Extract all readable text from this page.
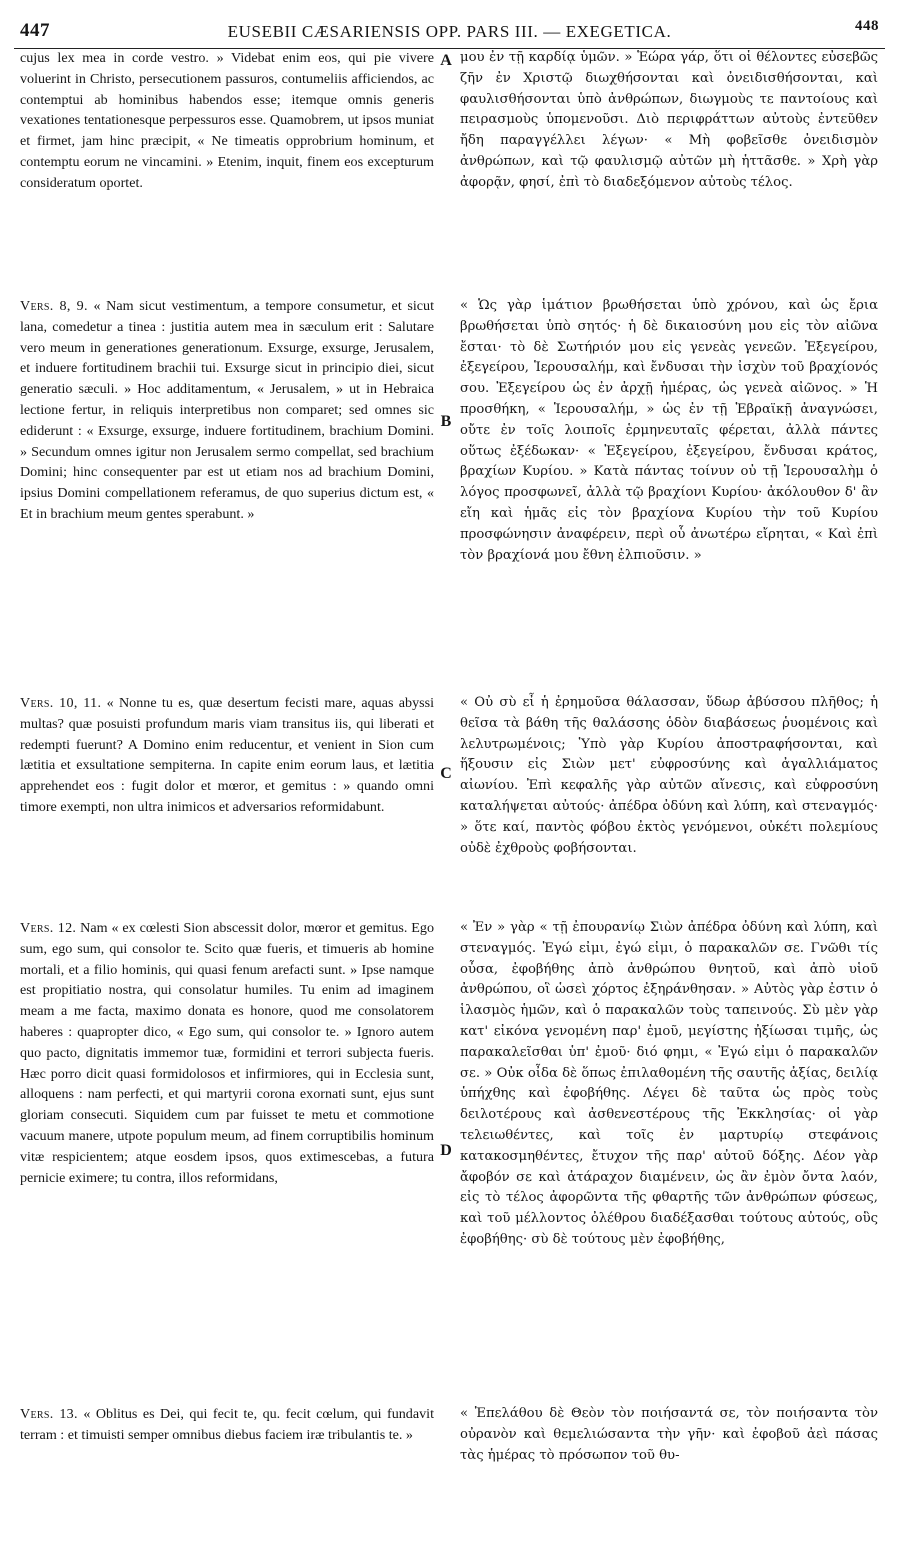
447	EUSEBII CÆSARIENSIS OPP. PARS III. — EXEGETICA.	448
A
B
C
D

cujus lex mea in corde vestro. » Videbat enim eos, qui pie vivere voluerint in Christo, persecutionem passuros, contumeliis afficiendos, ac contemptui ab hominibus habendos esse; itemque omnis generis vexationes tentationesque perpessuros esse. Quamobrem, ut ipsos muniat et firmet, jam hinc præcipit, « Ne timeatis opprobrium hominum, et contemptu eorum ne vincamini. » Etenim, inquit, finem eos excepturum consideratum oportet.

Vers. 8, 9. « Nam sicut vestimentum, a tempore consumetur, et sicut lana, comedetur a tinea : justitia autem mea in sæculum erit : Salutare vero meum in generationes generationum. Exsurge, exsurge, Jerusalem, et induere fortitudinem brachii tui. Exsurge sicut in principio diei, sicut generatio sæculi. » Hoc additamentum, « Jerusalem, » ut in Hebraica lectione fertur, in reliquis interpretibus non comparet; sed omnes sic ediderunt : « Exsurge, exsurge, induere fortitudinem, brachium Domini. » Secundum omnes igitur non Jerusalem sermo compellat, sed brachium Domini; hinc consequenter par est ut etiam nos ad brachium Domini, ipsius Domini compellationem referamus, de quo superius dictum est, « Et in brachium meum gentes sperabunt. »

Vers. 10, 11. « Nonne tu es, quæ desertum fecisti mare, aquas abyssi multas? quæ posuisti profundum maris viam transitus iis, qui liberati et redempti fuerunt? A Domino enim reducentur, et venient in Sion cum lætitia et exsultatione sempiterna. In capite enim eorum laus, et lætitia apprehendet eos : fugit dolor et mœror, et gemitus : » quando omni timore exempti, non ultra inimicos et adversarios reformidabunt.

Vers. 12. Nam « ex cœlesti Sion abscessit dolor, mœror et gemitus. Ego sum, ego sum, qui consolor te. Scito quæ fueris, et timueris ab homine mortali, et a filio hominis, qui quasi fenum arefacti sunt. » Ipse namque est propitiatio nostra, qui consolatur humiles. Tu enim ad imaginem meam a me facta, maximo donata es honore, quod me consolatorem haberes : quapropter dico, « Ego sum, qui consolor te. » Ignoro autem quo pacto, dignitatis immemor tuæ, formidini et terrori subjecta fueris. Hæc porro dicit quasi formidolosos et infirmiores, qui in Ecclesia sunt, alloquens : nam perfecti, et qui martyrii corona exornati sunt, ejus sunt gloriam consecuti. Siquidem cum par fuisset te metu et commotione vacuum manere, utpote populum meum, ad finem corruptibilis hominum vitæ respicientem; atque eosdem ipsos, quos extimescebas, a futura pernicie eximere; tu contra, illos reformidans,

Vers. 13. « Oblitus es Dei, qui fecit te, qu. fecit cœlum, qui fundavit terram : et timuisti semper omnibus diebus faciem iræ tribulantis te. »

μου ἐν τῇ καρδίᾳ ὑμῶν. » Ἑώρα γάρ, ὅτι οἱ θέλοντες εὐσεβῶς ζῆν ἐν Χριστῷ διωχθήσονται καὶ ὀνειδισθήσονται, καὶ φαυλισθήσονται ὑπὸ ἀνθρώπων, διωγμοὺς τε παντοίους καὶ πειρασμοὺς ὑπομενοῦσι. Διὸ περιφράττων αὐτοὺς ἐντεῦθεν ἤδη παραγγέλλει λέγων· « Μὴ φοβεῖσθε ὀνειδισμὸν ἀνθρώπων, καὶ τῷ φαυλισμῷ αὐτῶν μὴ ἡττᾶσθε. » Χρὴ γὰρ ἀφορᾷν, φησί, ἐπὶ τὸ διαδεξόμενον αὐτοὺς τέλος.

« Ὡς γὰρ ἱμάτιον βρωθήσεται ὑπὸ χρόνου, καὶ ὡς ἔρια βρωθήσεται ὑπὸ σητός· ἡ δὲ δικαιοσύνη μου εἰς τὸν αἰῶνα ἔσται· τὸ δὲ Σωτήριόν μου εἰς γενεὰς γενεῶν. Ἐξεγείρου, ἐξεγείρου, Ἱερουσαλήμ, καὶ ἔνδυσαι τὴν ἰσχὺν τοῦ βραχίονός σου. Ἐξεγείρου ὡς ἐν ἀρχῇ ἡμέρας, ὡς γενεὰ αἰῶνος. » Ἡ προσθήκη, « Ἱερουσαλήμ, » ὡς ἐν τῇ Ἑβραϊκῇ ἀναγνώσει, οὔτε ἐν τοῖς λοιποῖς ἑρμηνευταῖς φέρεται, ἀλλὰ πάντες οὕτως ἐξέδωκαν· « Ἐξεγείρου, ἐξεγείρου, ἔνδυσαι κράτος, βραχίων Κυρίου. » Κατὰ πάντας τοίνυν οὐ τῇ Ἱερουσαλὴμ ὁ λόγος προσφωνεῖ, ἀλλὰ τῷ βραχίονι Κυρίου· ἀκόλουθον δ' ἂν εἴη καὶ ἡμᾶς εἰς τὸν βραχίονα Κυρίου τὴν τοῦ Κυρίου προσφώνησιν ἀναφέρειν, περὶ οὗ ἀνωτέρω εἴρηται, « Καὶ ἐπὶ τὸν βραχίονά μου ἔθνη ἐλπιοῦσιν. »

« Οὐ σὺ εἶ ἡ ἐρημοῦσα θάλασσαν, ὕδωρ ἀβύσσου πλῆθος; ἡ θεῖσα τὰ βάθη τῆς θαλάσσης ὁδὸν διαβάσεως ῥυομένοις καὶ λελυτρωμένοις; Ὑπὸ γὰρ Κυρίου ἀποστραφήσονται, καὶ ἥξουσιν εἰς Σιὼν μετ' εὐφροσύνης καὶ ἀγαλλιάματος αἰωνίου. Ἐπὶ κεφαλῆς γὰρ αὐτῶν αἴνεσις, καὶ εὐφροσύνη καταλήψεται αὐτούς· ἀπέδρα ὀδύνη καὶ λύπη, καὶ στεναγμός· » ὅτε καί, παντὸς φόβου ἐκτὸς γενόμενοι, οὐκέτι πολεμίους οὐδὲ ἐχθροὺς φοβήσονται.

« Ἐν » γὰρ « τῇ ἐπουρανίῳ Σιὼν ἀπέδρα ὀδύνη καὶ λύπη, καὶ στεναγμός. Ἐγώ εἰμι, ἐγώ εἰμι, ὁ παρακαλῶν σε. Γνῶθι τίς οὖσα, ἐφοβήθης ἀπὸ ἀνθρώπου θνητοῦ, καὶ ἀπὸ υἱοῦ ἀνθρώπου, οἳ ὡσεὶ χόρτος ἐξηράνθησαν. » Αὐτὸς γὰρ ἐστιν ὁ ἱλασμὸς ἡμῶν, καὶ ὁ παρακαλῶν τοὺς ταπεινούς. Σὺ μὲν γὰρ κατ' εἰκόνα γενομένη παρ' ἐμοῦ, μεγίστης ἠξίωσαι τιμῆς, ὡς παρακαλεῖσθαι ὑπ' ἐμοῦ· διό φημι, « Ἐγώ εἰμι ὁ παρακαλῶν σε. » Οὐκ οἶδα δὲ ὅπως ἐπιλαθομένη τῆς σαυτῆς ἀξίας, δειλίᾳ ὑπήχθης καὶ ἐφοβήθης. Λέγει δὲ ταῦτα ὡς πρὸς τοὺς δειλοτέρους καὶ ἀσθενεστέρους τῆς Ἐκκλησίας· οἱ γὰρ τελειωθέντες, καὶ τοῖς ἐν μαρτυρίῳ στεφάνοις κατακοσμηθέντες, ἔτυχον τῆς παρ' αὐτοῦ δόξης. Δέον γὰρ ἄφοβόν σε καὶ ἀτάραχον διαμένειν, ὡς ἂν ἐμὸν ὄντα λαόν, εἰς τὸ τέλος ἀφορῶντα τῆς φθαρτῆς τῶν ἀνθρώπων φύσεως, καὶ τοῦ μέλλοντος ὀλέθρου διαδέξασθαι τούτους αὐτούς, οὓς ἐφοβήθης· σὺ δὲ τούτους μὲν ἐφοβήθης,

« Ἐπελάθου δὲ Θεὸν τὸν ποιήσαντά σε, τὸν ποιήσαντα τὸν οὐρανὸν καὶ θεμελιώσαντα τὴν γῆν· καὶ ἐφοβοῦ ἀεὶ πάσας τὰς ἡμέρας τὸ πρόσωπον τοῦ θυ-
